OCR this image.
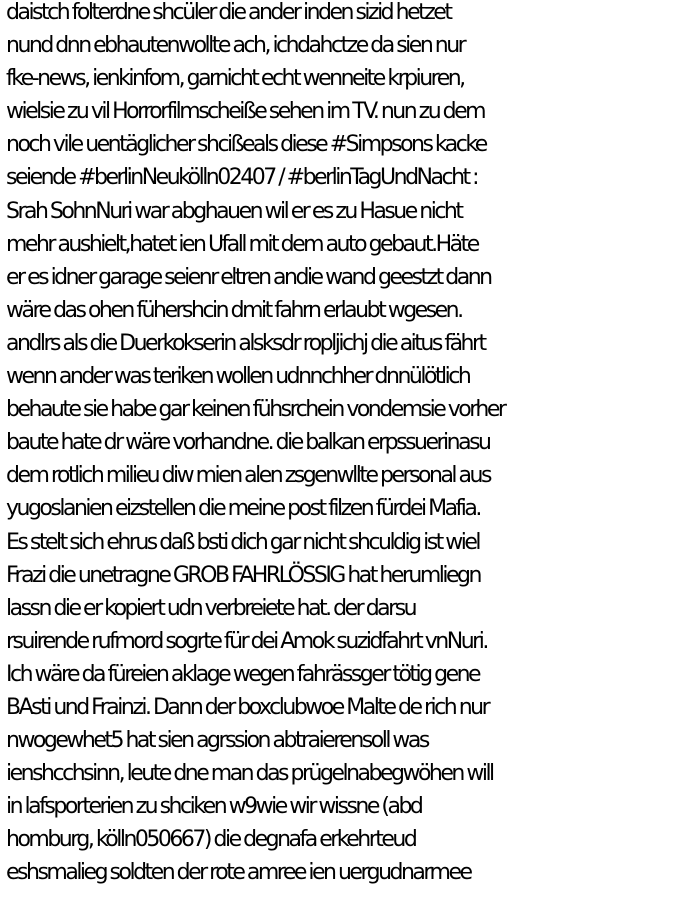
daistch folterdne shcüler die ander inden sizid hetzet
nund dnn ebhautenwollte ach, ichdahctze da sien nur
fke-news, ienkinfom, garnicht echt wenneite krpiuren,
wielsie zu vil Horrorfilmscheiße sehen im TV. nun zu dem
noch vile uentäglicher shcißeals diese #Simpsons kacke
seiende #berlinNeukölln02407 / #berlinTagUndNacht :
Srah SohnNuri war abghauen wil er es zu Hasue nicht
mehr aushielt,hatet ien Ufall mit dem auto gebaut.Häte
er es idner garage seienr eltren andie wand geestzt dann
wäre das ohen fühershcin dmit fahrn erlaubt wgesen.
andlrs als die Duerkokserin alsksdr ropljichj die aitus fährt
wenn ander was teriken wollen udnnchher dnnülötlich
behaute sie habe gar keinen fühsrchein vondemsie vorher
baute hate dr wäre vorhandne. die balkan erpssuerinasu
dem rotlich milieu diw mien alen zsgenwllte personal aus
yugoslanien eizstellen die meine post filzen fürdei Mafia.
Es stelt sich ehrus daß bsti dich gar nicht shculdig ist wiel
Frazi die unetragne GROB FAHRLÖSSIG hat herumliegn
lassn die er kopiert udn verbreiete hat. der darsu
rsuirende rufmord sogrte für dei Amok suzidfahrt vnNuri.
Ich wäre da füreien aklage wegen fahrässger tötig gene
BAsti und Frainzi. Dann der boxclubwoe Malte de rich nur
nwogewhet5 hat sien agrssion abtraierensoll was
ienshcchsinn, leute dne man das prügelnabegwöhen will
in lafsporterien zu shciken w9wie wir wissne (abd
homburg, kölln050667) die degnafa erkehrteud
eshsmalieg soldten der rote amree ien uergudnarmee
